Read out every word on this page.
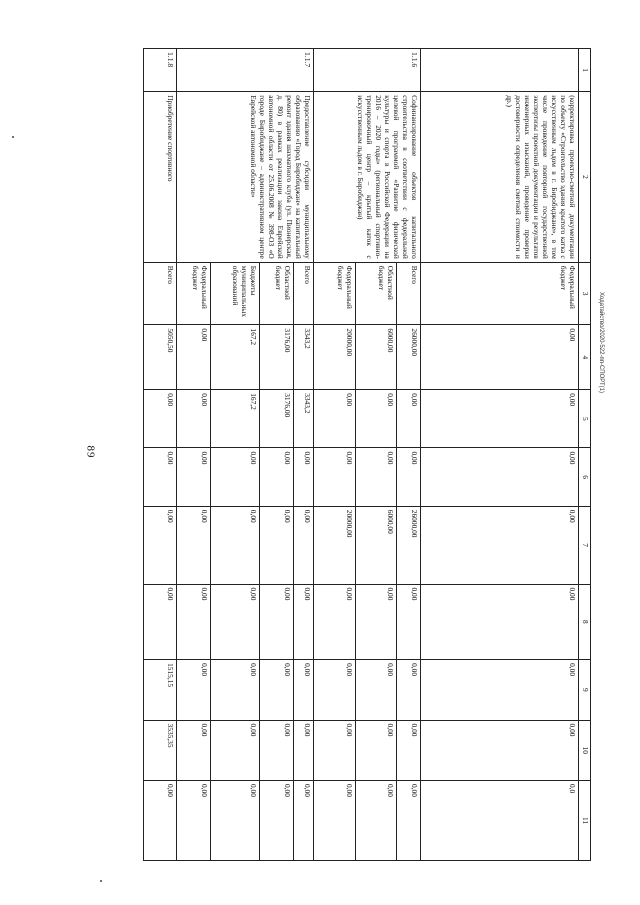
89
1	2	3	4	5	6	7	8	9	10	11
	(корректировка проектно-сметной документации по объекту «Строительство здания крытого катка с искусственным льдом в г. Биробиджане», в том числе проведение повторной государственной экспертизы проектной документации и результатов инженерных изысканий, проведение проверки достоверности определения сметной стоимости и др.)	Федеральный бюджет	0,00	0,00	0,00	0,00	0,00	0,00	0,00	0,0
1.1.6	Софинансирование объектов капитального строительства в соответствии с федеральной целевой программой «Развитие физической культуры и спорта в Российской Федерации на 2016 – 2020 годы» (региональный спортивно-тренировочный центр – крытый каток с искусственным льдом в г. Биробиджан)	Всего	26000,00	0,00	0,00	26000,00	0,00	0,00	0,00	0,00
		Областной бюджет	6000,00	0,00	0,00	6000,00	0,00	0,00	0,00	0,00
		Федеральный бюджет	20000,00	0,00	0,00	20000,00	0,00	0,00	0,00	0,00
1.1.7	Предоставление субсидии муниципальному образованию «Город Биробиджан» на капитальный ремонт здания шахматного клуба (ул. Пионерская, д. 80) в рамках реализации закона Еврейской автономной области от 25.06.2008 № 398-ОЗ «О городе Биробиджане – административном центре Еврейской автономной области»	Всего	3343,2	3343,2	0,00	0,00	0,00	0,00	0,00	0,00
		Областной бюджет	3176,00	3176,00	0,00	0,00	0,00	0,00	0,00	0,00
		Бюджеты муниципальных образований	167,2	167,2	0,00	0,00	0,00	0,00	0,00	0,00
		Федеральный бюджет	0,00	0,00	0,00	0,00	0,00	0,00	0,00	0,00
1.1.8	Приобретение спортивного	Всего	5050,50	0,00	0,00	0,00	0,00	1515,15	3535,35	0,00
Ходатайство/2020-522-пп-СПОРТ(1)
